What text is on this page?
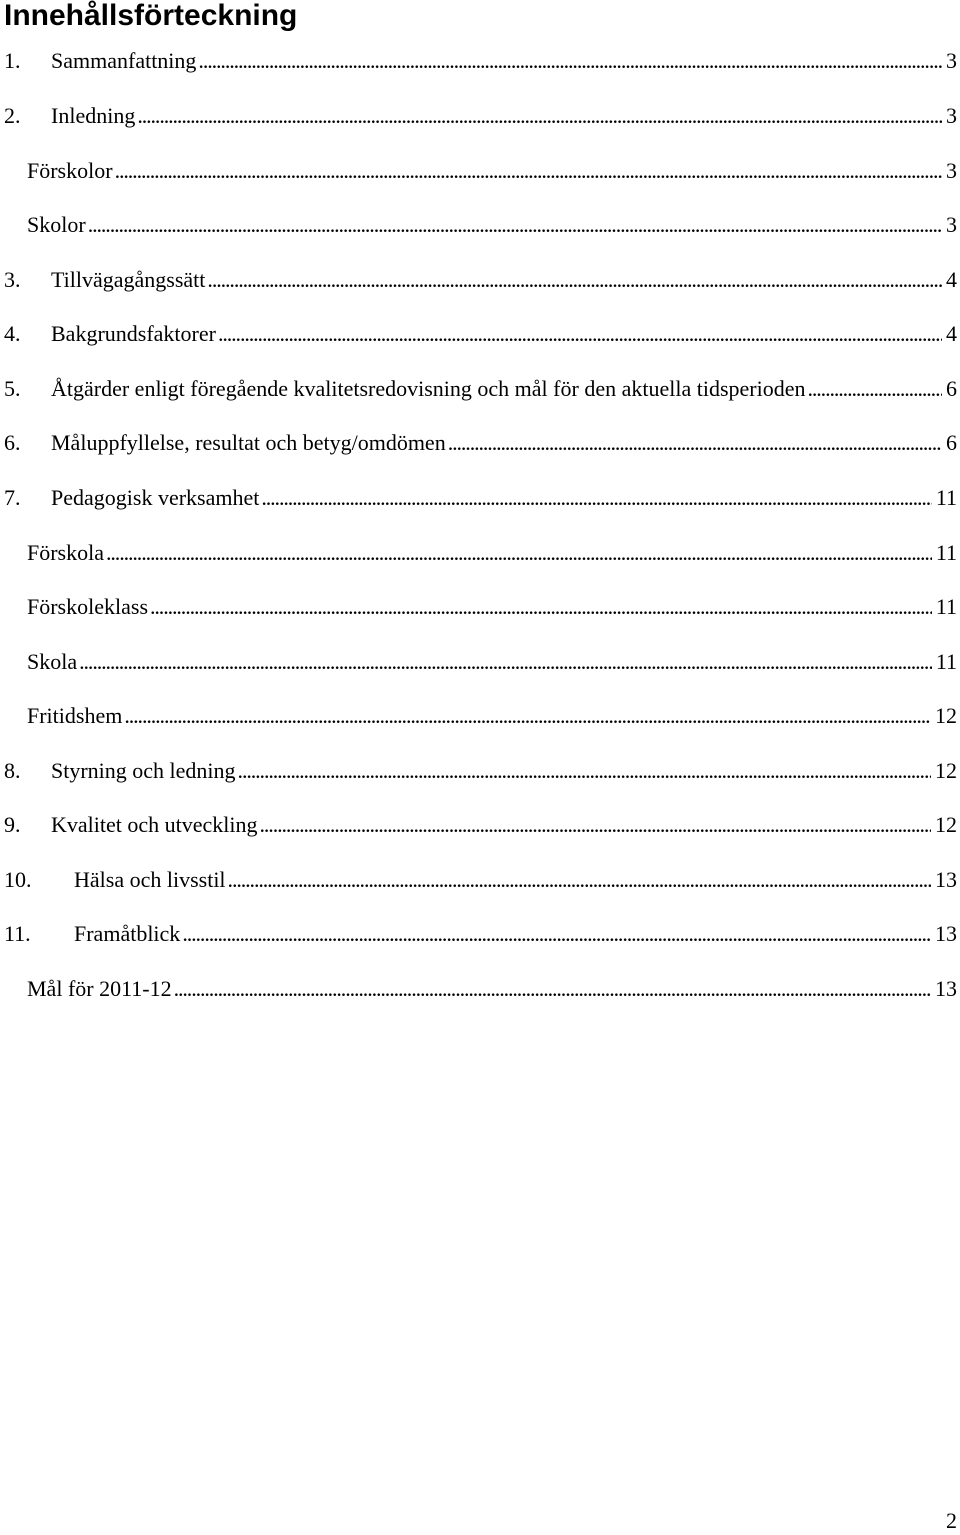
Innehållsförteckning
1. Sammanfattning . . .	3
2. Inledning . . .	3
Förskolor . . .	3
Skolor . . .	3
3. Tillvägagångssätt . . .	4
4. Bakgrundsfaktorer . . .	4
5. Åtgärder enligt föregående kvalitetsredovisning och mål för den aktuella tidsperioden . . .	6
6. Måluppfyllelse, resultat och betyg/omdömen . . .	6
7. Pedagogisk verksamhet . . .	11
Förskola . . .	11
Förskoleklass . . .	11
Skola . . .	11
Fritidshem . . .	12
8. Styrning och ledning . . .	12
9. Kvalitet och utveckling . . .	12
10. Hälsa och livsstil . . .	13
11. Framåtblick . . .	13
Mål för 2011-12 . . .	13
2
